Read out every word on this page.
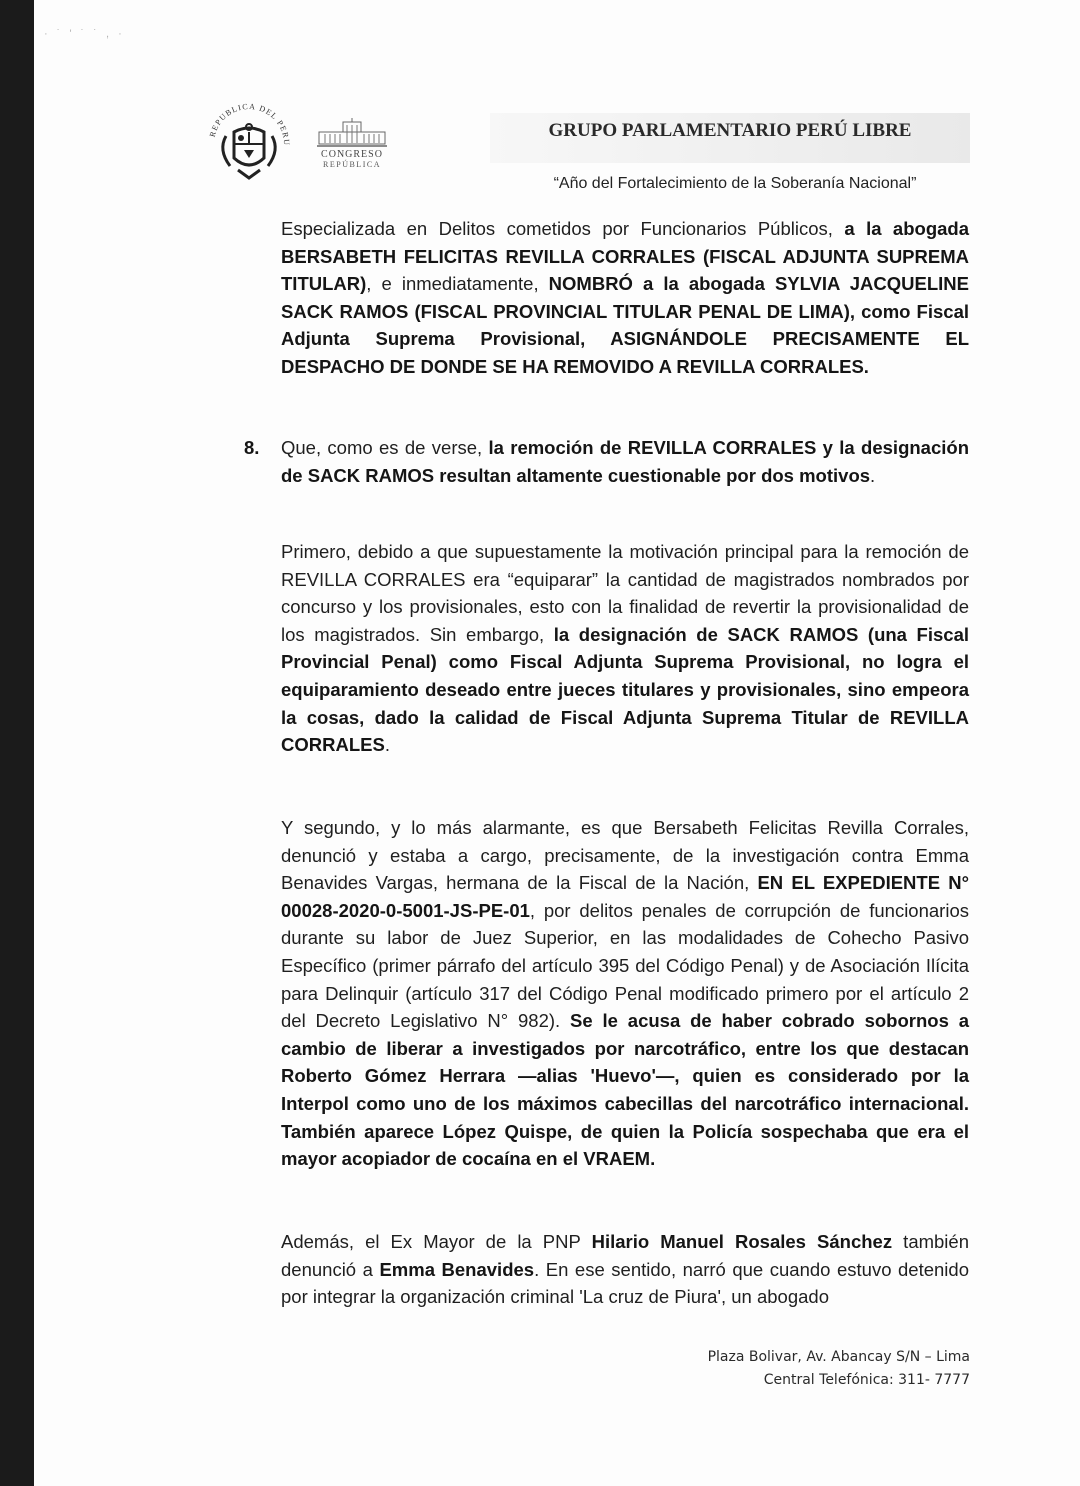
· ˙ ' ˙ ˙ , ·
REPUBLICA DEL PERU
CONGRESO
REPÚBLICA
GRUPO PARLAMENTARIO PERÚ LIBRE
“Año del Fortalecimiento de la Soberanía Nacional”
Especializada en Delitos cometidos por Funcionarios Públicos, a la abogada BERSABETH FELICITAS REVILLA CORRALES (FISCAL ADJUNTA SUPREMA TITULAR), e inmediatamente, NOMBRÓ a la abogada SYLVIA JACQUELINE SACK RAMOS (FISCAL PROVINCIAL TITULAR PENAL DE LIMA), como Fiscal Adjunta Suprema Provisional, ASIGNÁNDOLE PRECISAMENTE EL DESPACHO DE DONDE SE HA REMOVIDO A REVILLA CORRALES.
8. Que, como es de verse, la remoción de REVILLA CORRALES y la designación de SACK RAMOS resultan altamente cuestionable por dos motivos.
Primero, debido a que supuestamente la motivación principal para la remoción de REVILLA CORRALES era “equiparar” la cantidad de magistrados nombrados por concurso y los provisionales, esto con la finalidad de revertir la provisionalidad de los magistrados. Sin embargo, la designación de SACK RAMOS (una Fiscal Provincial Penal) como Fiscal Adjunta Suprema Provisional, no logra el equiparamiento deseado entre jueces titulares y provisionales, sino empeora la cosas, dado la calidad de Fiscal Adjunta Suprema Titular de REVILLA CORRALES.
Y segundo, y lo más alarmante, es que Bersabeth Felicitas Revilla Corrales, denunció y estaba a cargo, precisamente, de la investigación contra Emma Benavides Vargas, hermana de la Fiscal de la Nación, EN EL EXPEDIENTE N° 00028-2020-0-5001-JS-PE-01, por delitos penales de corrupción de funcionarios durante su labor de Juez Superior, en las modalidades de Cohecho Pasivo Específico (primer párrafo del artículo 395 del Código Penal) y de Asociación Ilícita para Delinquir (artículo 317 del Código Penal modificado primero por el artículo 2 del Decreto Legislativo N° 982). Se le acusa de haber cobrado sobornos a cambio de liberar a investigados por narcotráfico, entre los que destacan Roberto Gómez Herrara —alias 'Huevo'—, quien es considerado por la Interpol como uno de los máximos cabecillas del narcotráfico internacional. También aparece López Quispe, de quien la Policía sospechaba que era el mayor acopiador de cocaína en el VRAEM.
Además, el Ex Mayor de la PNP Hilario Manuel Rosales Sánchez también denunció a Emma Benavides. En ese sentido, narró que cuando estuvo detenido por integrar la organización criminal 'La cruz de Piura', un abogado
Plaza Bolivar, Av. Abancay S/N – Lima
Central Telefónica: 311- 7777
